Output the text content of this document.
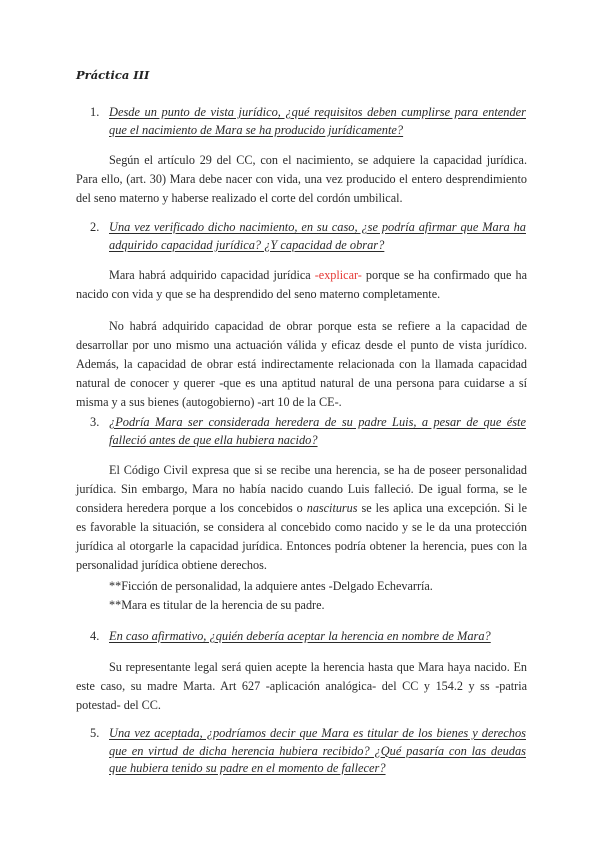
Práctica III
1. Desde un punto de vista jurídico, ¿qué requisitos deben cumplirse para entender que el nacimiento de Mara se ha producido jurídicamente?

Según el artículo 29 del CC, con el nacimiento, se adquiere la capacidad jurídica. Para ello, (art. 30) Mara debe nacer con vida, una vez producido el entero desprendimiento del seno materno y haberse realizado el corte del cordón umbilical.

2. Una vez verificado dicho nacimiento, en su caso, ¿se podría afirmar que Mara ha adquirido capacidad jurídica? ¿Y capacidad de obrar?

Mara habrá adquirido capacidad jurídica -explicar- porque se ha confirmado que ha nacido con vida y que se ha desprendido del seno materno completamente.

No habrá adquirido capacidad de obrar porque esta se refiere a la capacidad de desarrollar por uno mismo una actuación válida y eficaz desde el punto de vista jurídico. Además, la capacidad de obrar está indirectamente relacionada con la llamada capacidad natural de conocer y querer -que es una aptitud natural de una persona para cuidarse a sí misma y a sus bienes (autogobierno) -art 10 de la CE-.

3. ¿Podría Mara ser considerada heredera de su padre Luis, a pesar de que éste falleció antes de que ella hubiera nacido?

El Código Civil expresa que si se recibe una herencia, se ha de poseer personalidad jurídica. Sin embargo, Mara no había nacido cuando Luis falleció. De igual forma, se le considera heredera porque a los concebidos o nasciturus se les aplica una excepción. Si le es favorable la situación, se considera al concebido como nacido y se le da una protección jurídica al otorgarle la capacidad jurídica. Entonces podría obtener la herencia, pues con la personalidad jurídica obtiene derechos.

**Ficción de personalidad, la adquiere antes -Delgado Echevarría.
**Mara es titular de la herencia de su padre.
4. En caso afirmativo, ¿quién debería aceptar la herencia en nombre de Mara?

Su representante legal será quien acepte la herencia hasta que Mara haya nacido. En este caso, su madre Marta. Art 627 -aplicación analógica- del CC y 154.2 y ss -patria potestad- del CC.

5. Una vez aceptada, ¿podríamos decir que Mara es titular de los bienes y derechos que en virtud de dicha herencia hubiera recibido? ¿Qué pasaría con las deudas que hubiera tenido su padre en el momento de fallecer?
